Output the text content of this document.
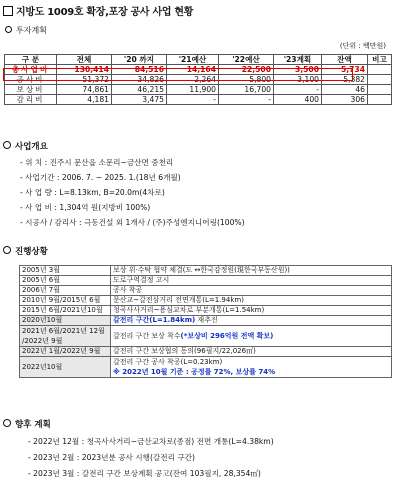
지방도 1009호 확장,포장 공사 사업 현황
투자계획
(단위 : 백만원)
구 분	전체	'20 까지	'21예산	'22예산	'23계획	잔액	비고
총사업비	130,414	84,516	14,164	22,500	3,500	5,734	
공사비	51,372	34,826	2,264	5,800	3,100	5,382	
보상비	74,861	46,215	11,900	16,700	-	46	
감리비	4,181	3,475	-	-	400	306	
사업개요
- 위 치 : 진주시 문산읍 소문리~금산면 중천리
- 사업기간 : 2006. 7. ~ 2025. 1.(18년 6개월)
- 사 업 량 : L=8.13km, B=20.0m(4차로)
- 사 업 비 : 1,304억 원(지방비 100%)
- 시공사 / 감리사 : 극동건설 외 1개사 / (주)주성엔지니어링(100%)
진행상황
2005년 3월	보상 위·수탁 협약 체결(도 ↔한국감정원(現한국부동산원))
2005년 6월	도로구역결정 고시
2006년 7월	공사 착공
2010년 9월/2015년 6월	문산교~갈전삼거리 전면개통(L=1.94km)
2015년 6월/2021년10월	청곡사사거리~용심교차로 부분개통(L=1.54km)
2020년10월	갈전리 구간(L=1.84km) 재추진
2021년 6월/2021년 12월 /2022년 9월	갈전리 구간 보상 착수(*보상비 296억원 전액 확보)
2022년 1월/2022년 9월	갈전리 구간 보상협의 동의(96필지/22,026㎡)
2022년10월	갈전리 구간 공사 착공(L=0.23km)
※ 2022년 10월 기준 : 공정률 72%, 보상률 74%
향후 계획
- 2022년 12월 : 청곡사사거리~금산교차로(종점) 전면 개통(L=4.38km)
- 2023년 2월 : 2023년분 공사 시행(갈전리 구간)
- 2023년 3월 : 갈전리 구간 보상계획 공고(잔여 103필지, 28,354㎡)
